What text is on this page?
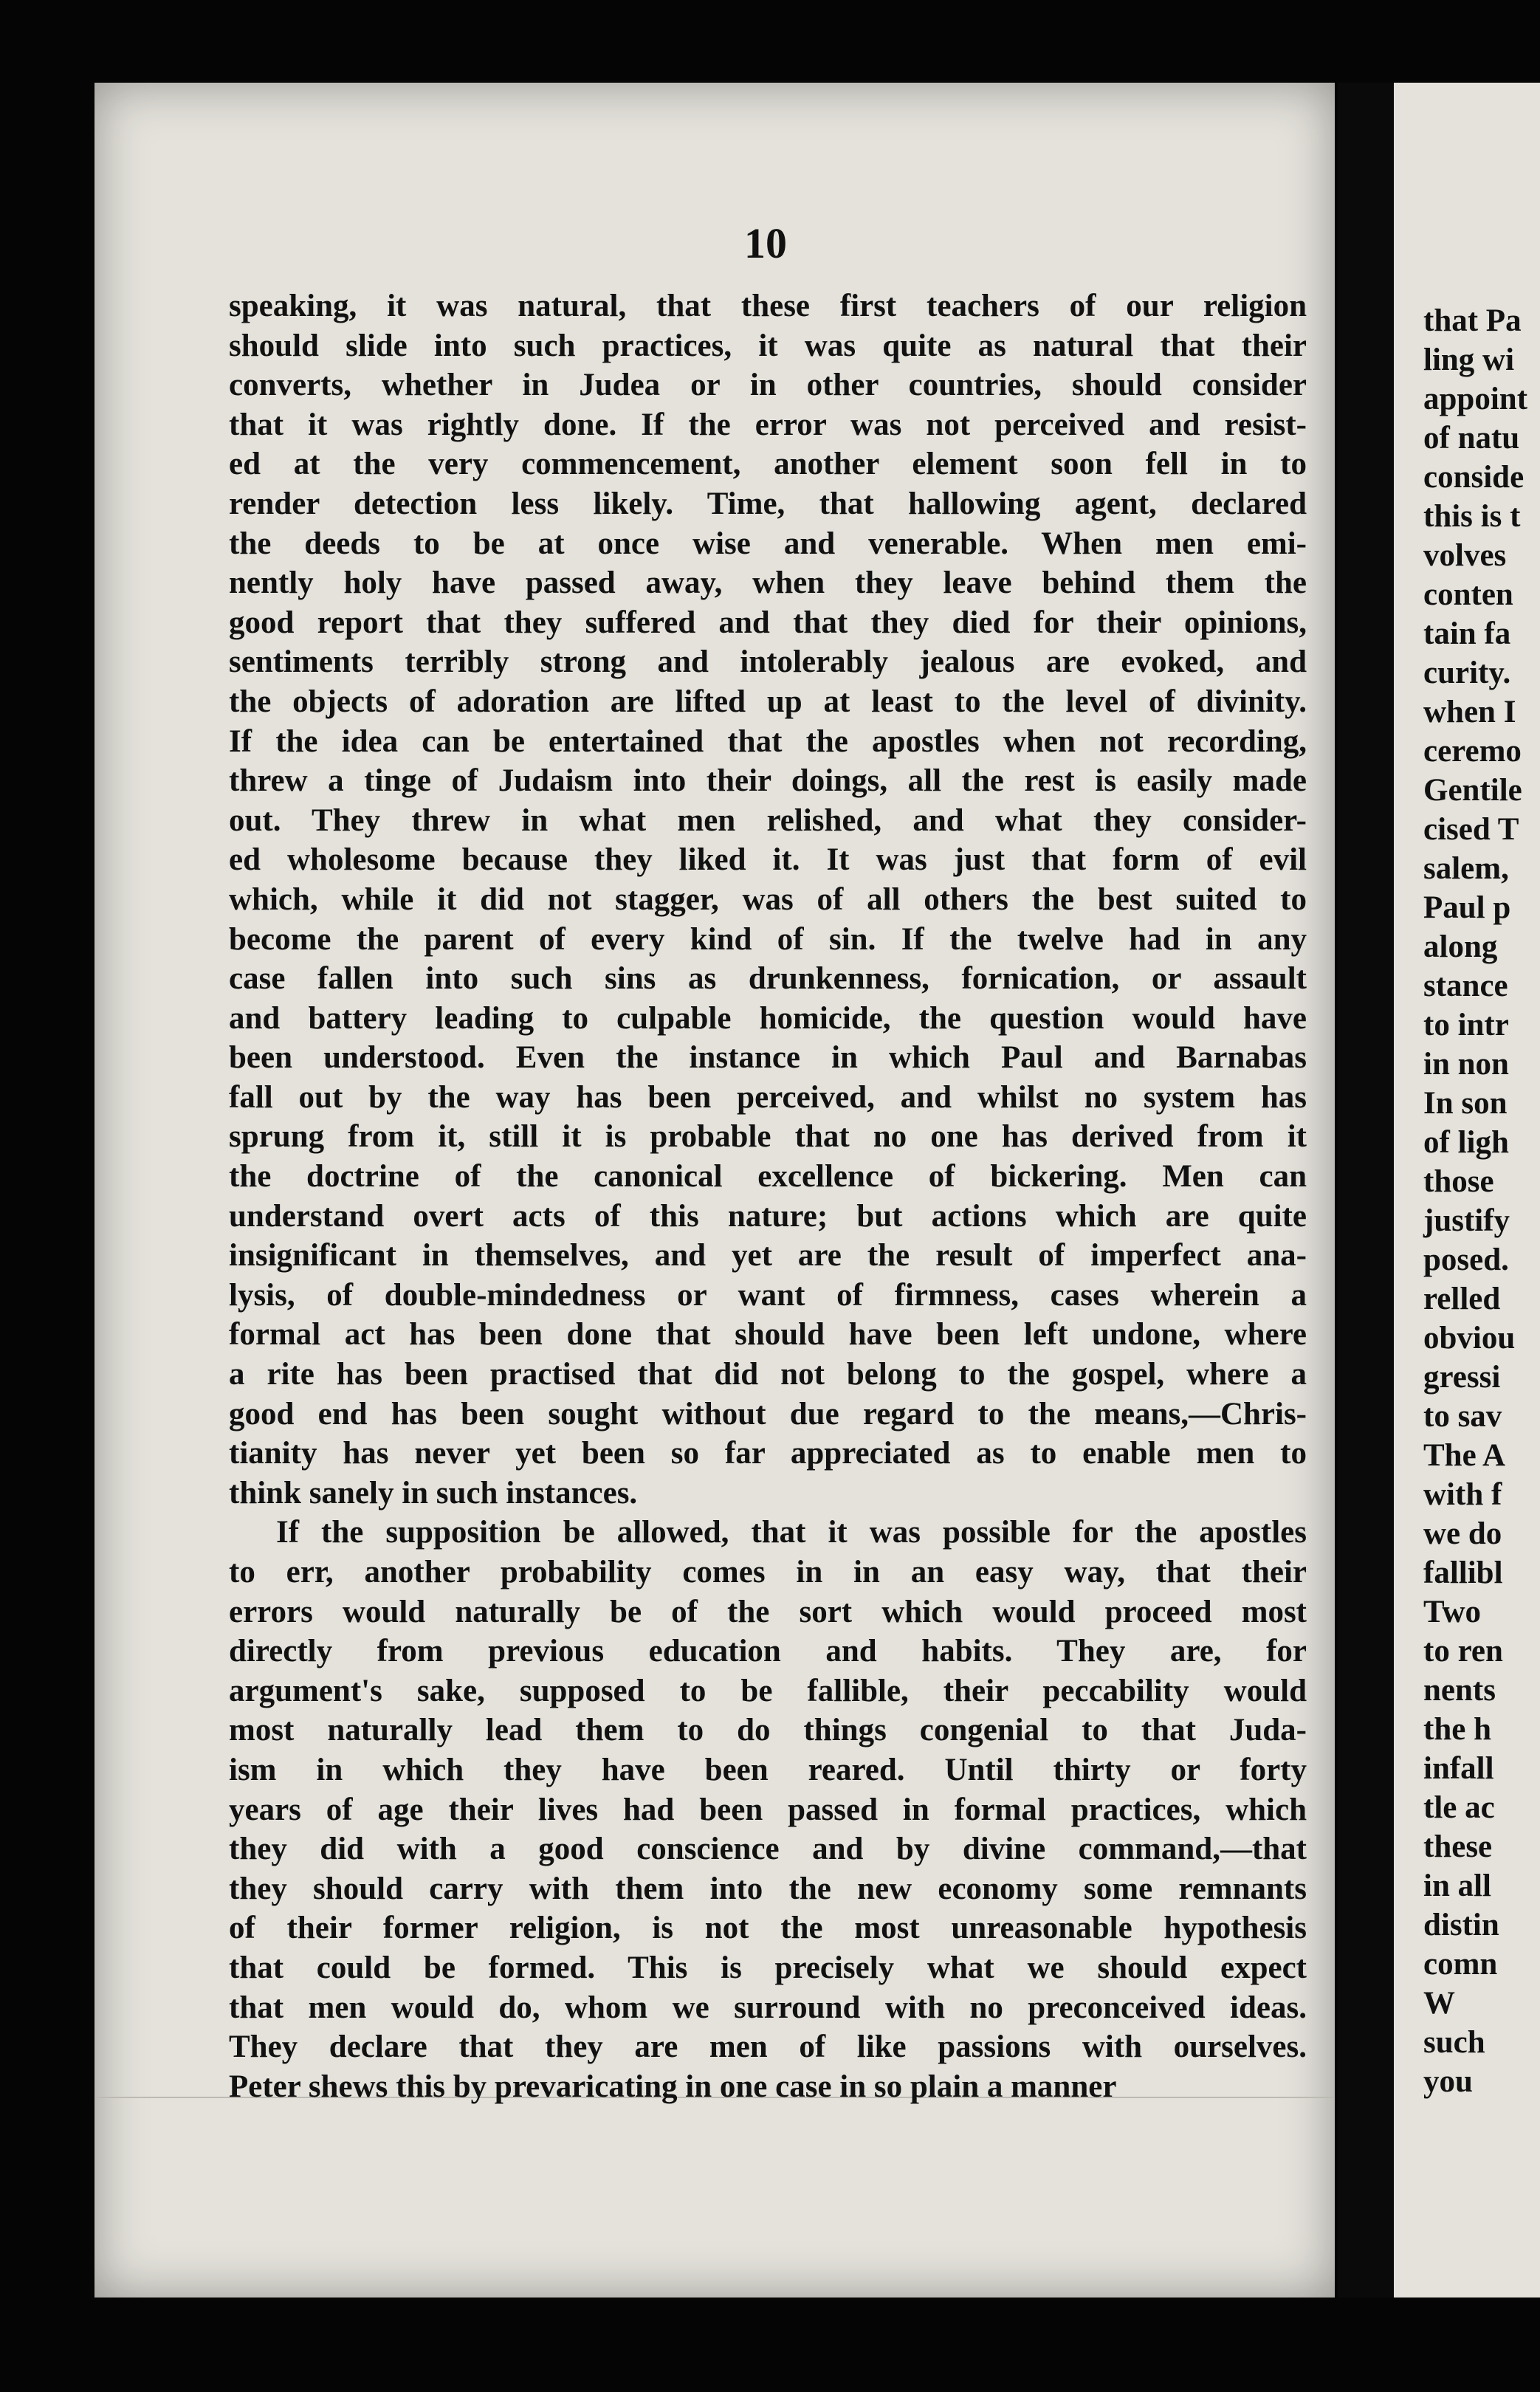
10
speaking, it was natural, that these first teachers of our religion
should slide into such practices, it was quite as natural that their
converts, whether in Judea or in other countries, should consider
that it was rightly done. If the error was not perceived and resist-
ed at the very commencement, another element soon fell in to
render detection less likely. Time, that hallowing agent, declared
the deeds to be at once wise and venerable. When men emi-
nently holy have passed away, when they leave behind them the
good report that they suffered and that they died for their opinions,
sentiments terribly strong and intolerably jealous are evoked, and
the objects of adoration are lifted up at least to the level of divinity.
If the idea can be entertained that the apostles when not recording,
threw a tinge of Judaism into their doings, all the rest is easily made
out. They threw in what men relished, and what they consider-
ed wholesome because they liked it. It was just that form of evil
which, while it did not stagger, was of all others the best suited to
become the parent of every kind of sin. If the twelve had in any
case fallen into such sins as drunkenness, fornication, or assault
and battery leading to culpable homicide, the question would have
been understood. Even the instance in which Paul and Barnabas
fall out by the way has been perceived, and whilst no system has
sprung from it, still it is probable that no one has derived from it
the doctrine of the canonical excellence of bickering. Men can
understand overt acts of this nature; but actions which are quite
insignificant in themselves, and yet are the result of imperfect ana-
lysis, of double-mindedness or want of firmness, cases wherein a
formal act has been done that should have been left undone, where
a rite has been practised that did not belong to the gospel, where a
good end has been sought without due regard to the means,—Chris-
tianity has never yet been so far appreciated as to enable men to
think sanely in such instances.
If the supposition be allowed, that it was possible for the apostles
to err, another probability comes in in an easy way, that their
errors would naturally be of the sort which would proceed most
directly from previous education and habits. They are, for
argument's sake, supposed to be fallible, their peccability would
most naturally lead them to do things congenial to that Juda-
ism in which they have been reared. Until thirty or forty
years of age their lives had been passed in formal practices, which
they did with a good conscience and by divine command,—that
they should carry with them into the new economy some remnants
of their former religion, is not the most unreasonable hypothesis
that could be formed. This is precisely what we should expect
that men would do, whom we surround with no preconceived ideas.
They declare that they are men of like passions with ourselves.
Peter shews this by prevaricating in one case in so plain a manner
that Pa
ling wi
appoint
of natu
conside
this is t
volves
conten
tain fa
curity.
when I
ceremo
Gentile
cised T
salem,
Paul p
along
stance
to intr
in non
In son
of ligh
those
justify
posed.
relled
obviou
gressi
to sav
The A
with f
we do
fallibl
Two
to ren
nents
the h
infall
tle ac
these
in all
distin
comn
W
such
you
